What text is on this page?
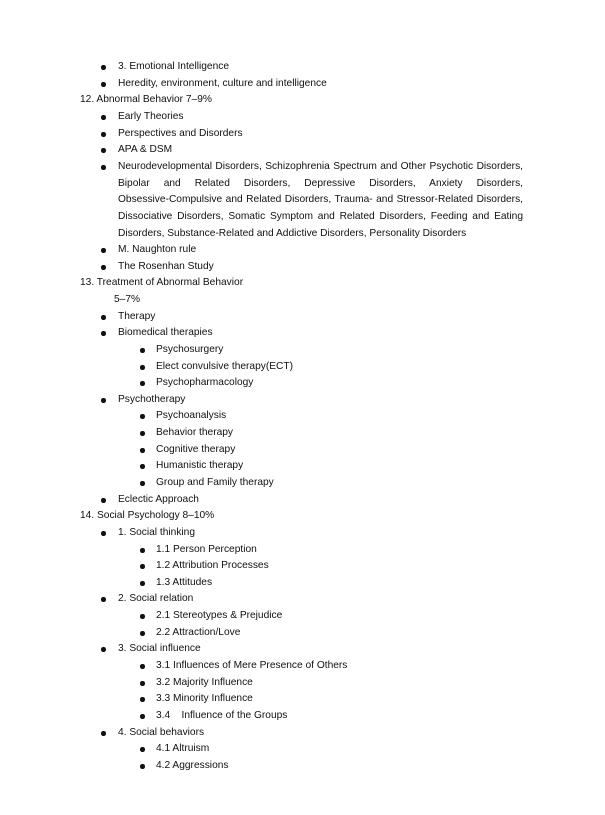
3. Emotional Intelligence
Heredity, environment, culture and intelligence
12. Abnormal Behavior 7–9%
Early Theories
Perspectives and Disorders
APA & DSM
Neurodevelopmental Disorders, Schizophrenia Spectrum and Other Psychotic Disorders,
Bipolar and Related Disorders, Depressive Disorders, Anxiety Disorders,
Obsessive-Compulsive and Related Disorders, Trauma- and Stressor-Related Disorders,
Dissociative Disorders, Somatic Symptom and Related Disorders, Feeding and Eating
Disorders, Substance-Related and Addictive Disorders, Personality Disorders
M. Naughton rule
The Rosenhan Study
13. Treatment of Abnormal Behavior
5–7%
Therapy
Biomedical therapies
Psychosurgery
Elect convulsive therapy(ECT)
Psychopharmacology
Psychotherapy
Psychoanalysis
Behavior therapy
Cognitive therapy
Humanistic therapy
Group and Family therapy
Eclectic Approach
14. Social Psychology 8–10%
1. Social thinking
1.1 Person Perception
1.2 Attribution Processes
1.3 Attitudes
2. Social relation
2.1 Stereotypes & Prejudice
2.2 Attraction/Love
3. Social influence
3.1 Influences of Mere Presence of Others
3.2 Majority Influence
3.3 Minority Influence
3.4    Influence of the Groups
4. Social behaviors
4.1 Altruism
4.2 Aggressions
